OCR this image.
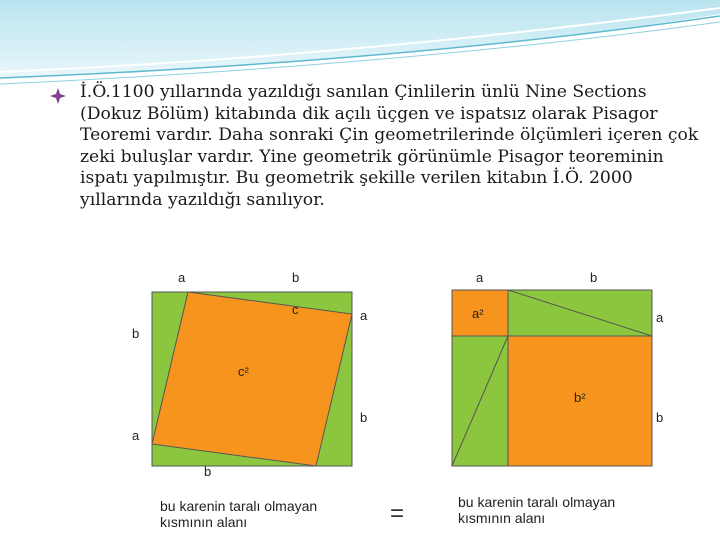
İ.Ö.1100 yıllarında yazıldığı sanılan Çinlilerin ünlü Nine Sections (Dokuz Bölüm) kitabında dik açılı üçgen ve ispatsız olarak Pisagor Teoremi vardır. Daha sonraki Çin geometrilerinde ölçümleri içeren çok zeki buluşlar vardır. Yine geometrik görünümle Pisagor teoreminin ispatı yapılmıştır. Bu geometrik şekille verilen kitabın İ.Ö. 2000 yıllarında yazıldığı sanılıyor.

a	b
c
b
a
a
b
b
c²
a	b
a
b
a²
b²
bu karenin taralı olmayan
kısmının alanı	=	bu karenin taralı olmayan
kısmının alanı
